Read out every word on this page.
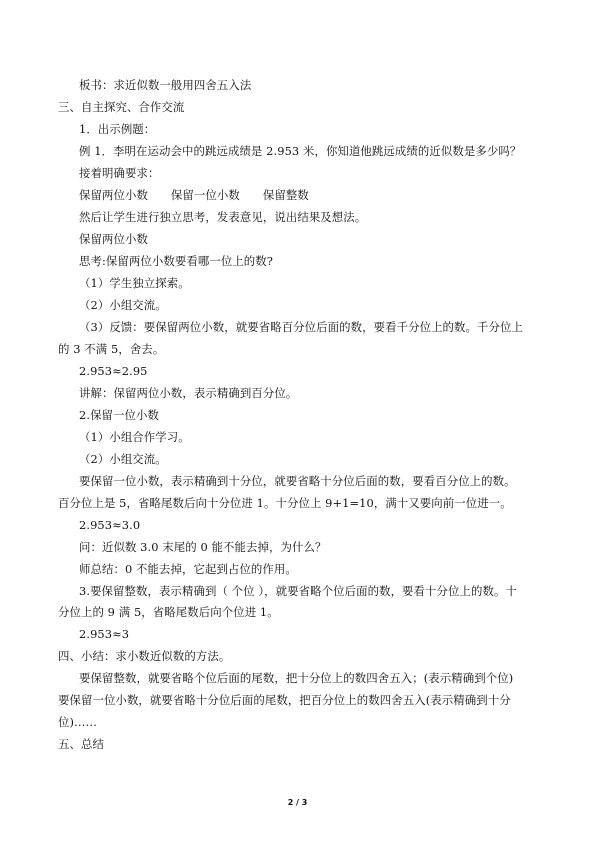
板书：求近似数一般用四舍五入法
三、自主探究、合作交流
1．出示例题：
例 1．李明在运动会中的跳远成绩是 2.953 米，你知道他跳远成绩的近似数是多少吗？
接着明确要求：
保留两位小数　　保留一位小数　　保留整数
然后让学生进行独立思考，发表意见，说出结果及想法。
保留两位小数
思考:保留两位小数要看哪一位上的数?
（1）学生独立探索。
（2）小组交流。
（3）反馈：要保留两位小数，就要省略百分位后面的数，要看千分位上的数。千分位上
的 3 不满 5，舍去。
2.953≈2.95
讲解：保留两位小数，表示精确到百分位。
2.保留一位小数
（1）小组合作学习。
（2）小组交流。
要保留一位小数，表示精确到十分位，就要省略十分位后面的数，要看百分位上的数。
百分位上是 5，省略尾数后向十分位进 1。十分位上 9+1=10，满十又要向前一位进一。
2.953≈3.0
问：近似数 3.0 末尾的 0 能不能去掉，为什么？
师总结：0 不能去掉，它起到占位的作用。
3.要保留整数，表示精确到（ 个位 ），就要省略个位后面的数，要看十分位上的数。十
分位上的 9 满 5，省略尾数后向个位进 1。
2.953≈3
四、小结：求小数近似数的方法。
要保留整数，就要省略个位后面的尾数，把十分位上的数四舍五入；(表示精确到个位)
要保留一位小数，就要省略十分位后面的尾数，把百分位上的数四舍五入(表示精确到十分
位)……
五、总结
2 / 3
